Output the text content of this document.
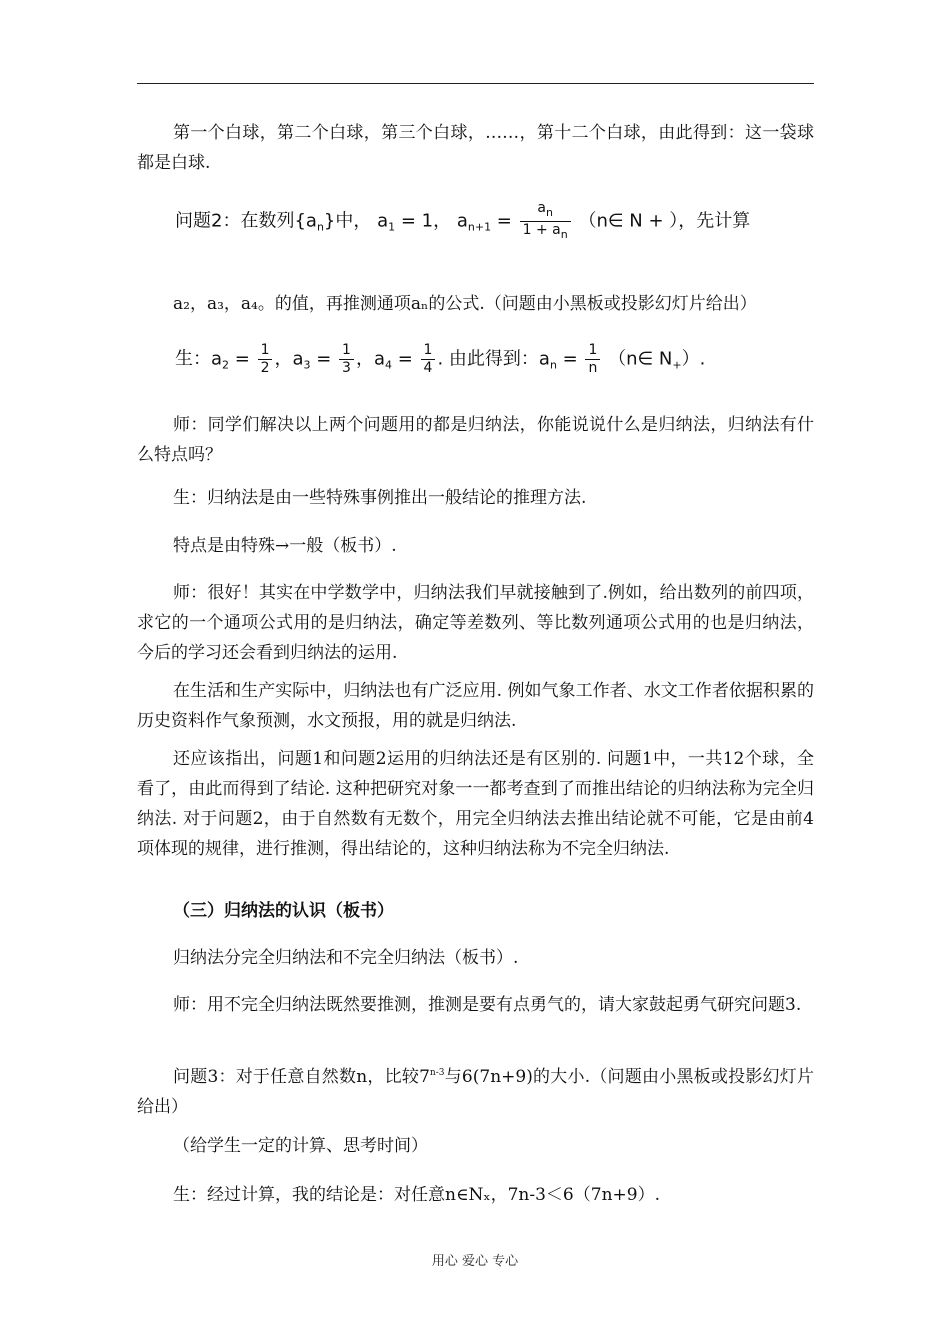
第一个白球，第二个白球，第三个白球，……，第十二个白球，由此得到：这一袋球都是白球.

问题2：在数列$\{a_n\}$中， $a_1 = 1$， $a_{n+1} = \frac{a_n}{1 + a_n}$ （n∈ N + ），先计算

a₂，a₃，a₄。的值，再推测通项aₙ的公式.（问题由小黑板或投影幻灯片给出）

生：$a_2 = \frac{1}{2}$ ，$a_3 = \frac{1}{3}$ ，$a_4 = \frac{1}{4}$ . 由此得到：$a_n = \frac{1}{n}$ （n∈ $N_+$）.

师：同学们解决以上两个问题用的都是归纳法，你能说说什么是归纳法，归纳法有什么特点吗？

生：归纳法是由一些特殊事例推出一般结论的推理方法.

特点是由特殊→一般（板书）.

师：很好！其实在中学数学中，归纳法我们早就接触到了.例如，给出数列的前四项，求它的一个通项公式用的是归纳法，确定等差数列、等比数列通项公式用的也是归纳法，今后的学习还会看到归纳法的运用.

在生活和生产实际中，归纳法也有广泛应用. 例如气象工作者、水文工作者依据积累的历史资料作气象预测，水文预报，用的就是归纳法.

还应该指出，问题1和问题2运用的归纳法还是有区别的. 问题1中，一共12个球，全看了，由此而得到了结论. 这种把研究对象一一都考查到了而推出结论的归纳法称为完全归纳法. 对于问题2，由于自然数有无数个，用完全归纳法去推出结论就不可能，它是由前4项体现的规律，进行推测，得出结论的，这种归纳法称为不完全归纳法.

（三）归纳法的认识（板书）

归纳法分完全归纳法和不完全归纳法（板书）.

师：用不完全归纳法既然要推测，推测是要有点勇气的，请大家鼓起勇气研究问题3.

问题3：对于任意自然数n，比较7$^{n-3}$与6(7n+9)的大小.（问题由小黑板或投影幻灯片给出）

（给学生一定的计算、思考时间）

生：经过计算，我的结论是：对任意n∈Nₓ，7n-3＜6（7n+9）.

用心 爱心 专心
